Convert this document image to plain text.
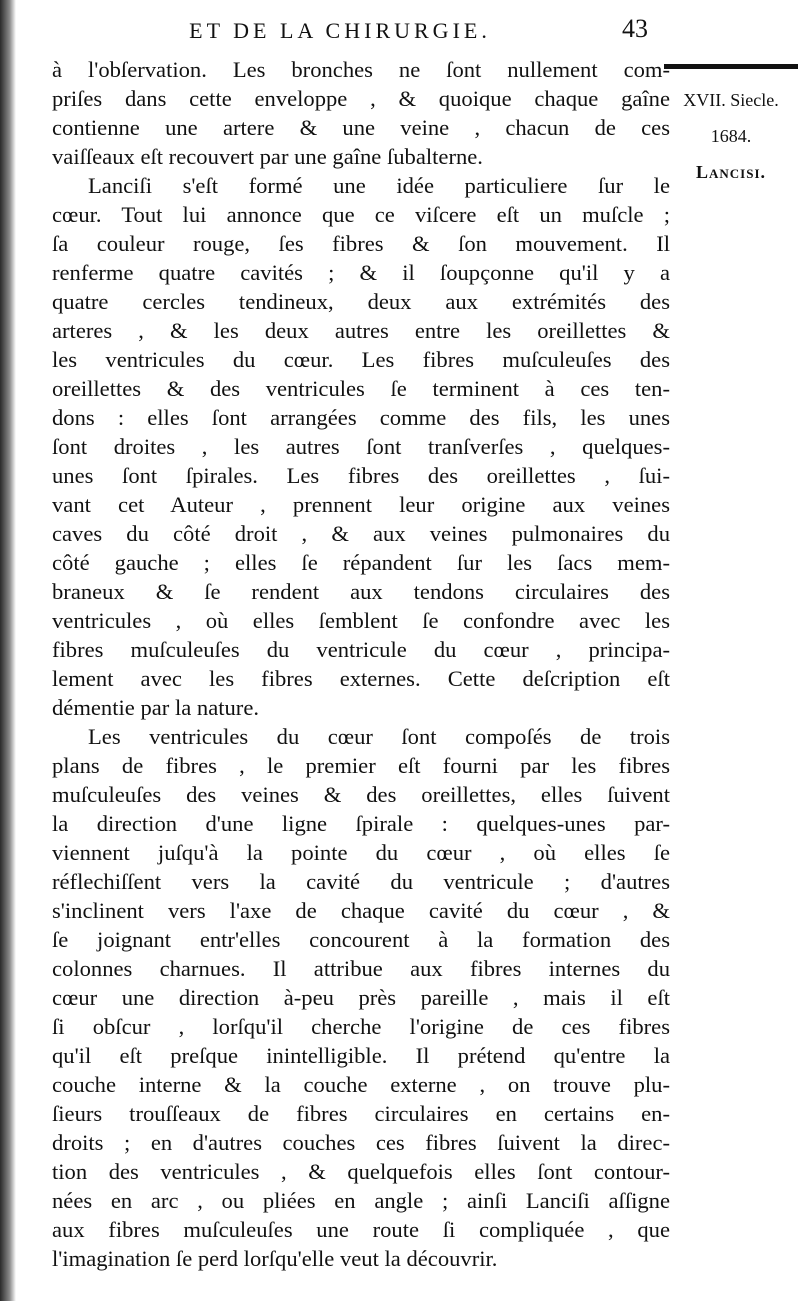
ET DE LA CHIRURGIE.	43
XVII. Siecle.
1684.
Lancisi.
à l'obſervation. Les bronches ne ſont nullement com-
priſes dans cette enveloppe , & quoique chaque gaîne
contienne une artere & une veine , chacun de ces
vaiſſeaux eſt recouvert par une gaîne ſubalterne.
Lanciſi s'eſt formé une idée particuliere ſur le
cœur. Tout lui annonce que ce viſcere eſt un muſcle ;
ſa couleur rouge, ſes fibres & ſon mouvement. Il
renferme quatre cavités ; & il ſoupçonne qu'il y a
quatre cercles tendineux, deux aux extrémités des
arteres , & les deux autres entre les oreillettes &
les ventricules du cœur. Les fibres muſculeuſes des
oreillettes & des ventricules ſe terminent à ces ten-
dons : elles ſont arrangées comme des fils, les unes
ſont droites , les autres ſont tranſverſes , quelques-
unes ſont ſpirales. Les fibres des oreillettes , ſui-
vant cet Auteur , prennent leur origine aux veines
caves du côté droit , & aux veines pulmonaires du
côté gauche ; elles ſe répandent ſur les ſacs mem-
braneux & ſe rendent aux tendons circulaires des
ventricules , où elles ſemblent ſe confondre avec les
fibres muſculeuſes du ventricule du cœur , principa-
lement avec les fibres externes. Cette deſcription eſt
démentie par la nature.
Les ventricules du cœur ſont compoſés de trois
plans de fibres , le premier eſt fourni par les fibres
muſculeuſes des veines & des oreillettes, elles ſuivent
la direction d'une ligne ſpirale : quelques-unes par-
viennent juſqu'à la pointe du cœur , où elles ſe
réflechiſſent vers la cavité du ventricule ; d'autres
s'inclinent vers l'axe de chaque cavité du cœur , &
ſe joignant entr'elles concourent à la formation des
colonnes charnues. Il attribue aux fibres internes du
cœur une direction à-peu près pareille , mais il eſt
ſi obſcur , lorſqu'il cherche l'origine de ces fibres
qu'il eſt preſque inintelligible. Il prétend qu'entre la
couche interne & la couche externe , on trouve plu-
ſieurs trouſſeaux de fibres circulaires en certains en-
droits ; en d'autres couches ces fibres ſuivent la direc-
tion des ventricules , & quelquefois elles ſont contour-
nées en arc , ou pliées en angle ; ainſi Lanciſi aſſigne
aux fibres muſculeuſes une route ſi compliquée , que
l'imagination ſe perd lorſqu'elle veut la découvrir.
